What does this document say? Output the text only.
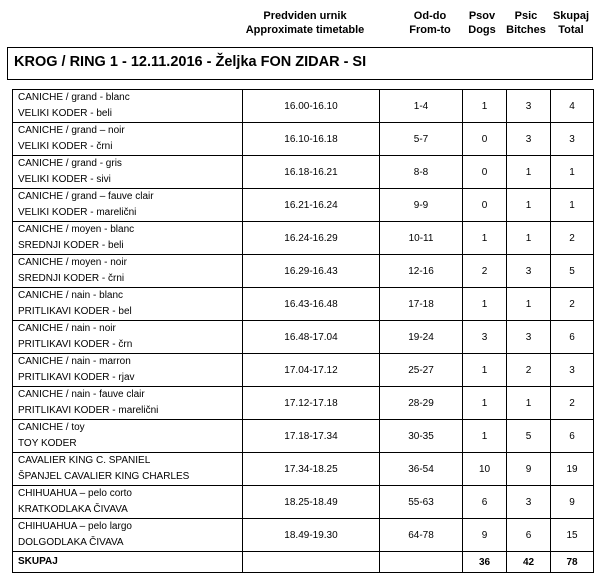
Predviden urnik
Approximate timetable
Od-do
From-to
Psov
Dogs
Psic
Bitches
Skupaj
Total
KROG / RING 1 - 12.11.2016 - Željka FON ZIDAR - SI
CANICHE / grand - blanc
VELIKI KODER - beli	16.00-16.10	1-4	1	3	4

CANICHE / grand – noir
VELIKI KODER - črni	16.10-16.18	5-7	0	3	3

CANICHE / grand - gris
VELIKI KODER - sivi	16.18-16.21	8-8	0	1	1

CANICHE / grand – fauve clair
VELIKI KODER - marelični	16.21-16.24	9-9	0	1	1

CANICHE / moyen - blanc
SREDNJI KODER - beli	16.24-16.29	10-11	1	1	2

CANICHE / moyen - noir
SREDNJI KODER - črni	16.29-16.43	12-16	2	3	5

CANICHE / nain - blanc
PRITLIKAVI KODER - bel	16.43-16.48	17-18	1	1	2

CANICHE / nain - noir
PRITLIKAVI KODER - črn	16.48-17.04	19-24	3	3	6

CANICHE / nain - marron
PRITLIKAVI KODER - rjav	17.04-17.12	25-27	1	2	3

CANICHE / nain - fauve clair
PRITLIKAVI KODER - marelični	17.12-17.18	28-29	1	1	2

CANICHE / toy
TOY KODER	17.18-17.34	30-35	1	5	6

CAVALIER KING C. SPANIEL
ŠPANJEL CAVALIER KING CHARLES	17.34-18.25	36-54	10	9	19

CHIHUAHUA – pelo corto
KRATKODLAKA ČIVAVA	18.25-18.49	55-63	6	3	9

CHIHUAHUA – pelo largo
DOLGODLAKA ČIVAVA	18.49-19.30	64-78	9	6	15
SKUPAJ			36	42	78
